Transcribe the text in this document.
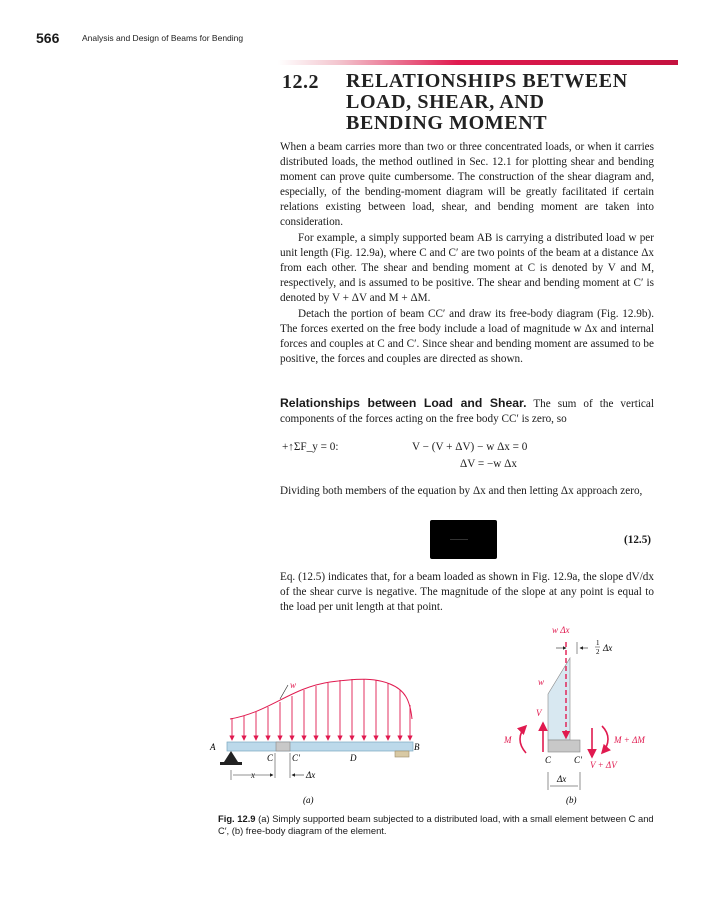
566	Analysis and Design of Beams for Bending
12.2 RELATIONSHIPS BETWEEN
LOAD, SHEAR, AND
BENDING MOMENT

When a beam carries more than two or three concentrated loads, or when it carries distributed loads, the method outlined in Sec. 12.1 for plotting shear and bending moment can prove quite cumbersome. The construction of the shear diagram and, especially, of the bending-moment diagram will be greatly facilitated if certain relations existing between load, shear, and bending moment are taken into consideration.

For example, a simply supported beam AB is carrying a distributed load w per unit length (Fig. 12.9a), where C and C′ are two points of the beam at a distance Δx from each other. The shear and bending moment at C is denoted by V and M, respectively, and is assumed to be positive. The shear and bending moment at C′ is denoted by V + ΔV and M + ΔM.

Detach the portion of beam CC′ and draw its free-body diagram (Fig. 12.9b). The forces exerted on the free body include a load of magnitude w Δx and internal forces and couples at C and C′. Since shear and bending moment are assumed to be positive, the forces and couples are directed as shown.

Relationships between Load and Shear. The sum of the vertical components of the forces acting on the free body CC′ is zero, so
+↑ΣF_y = 0:	V − (V + ΔV) − w Δx = 0
ΔV = −w Δx

Dividing both members of the equation by Δx and then letting Δx approach zero,

(12.5)

Eq. (12.5) indicates that, for a beam loaded as shown in Fig. 12.9a, the slope dV/dx of the shear curve is negative. The magnitude of the slope at any point is equal to the load per unit length at that point.

w
A	B
C C′	D
x	Δx
(a)
w Δx
1
2 Δx
w
V
M
V + ΔV
M + ΔM
C	C′
Δx
(b)
Fig. 12.9 (a) Simply supported beam subjected to a distributed load, with a small element between C and C′, (b) free-body diagram of the element.
